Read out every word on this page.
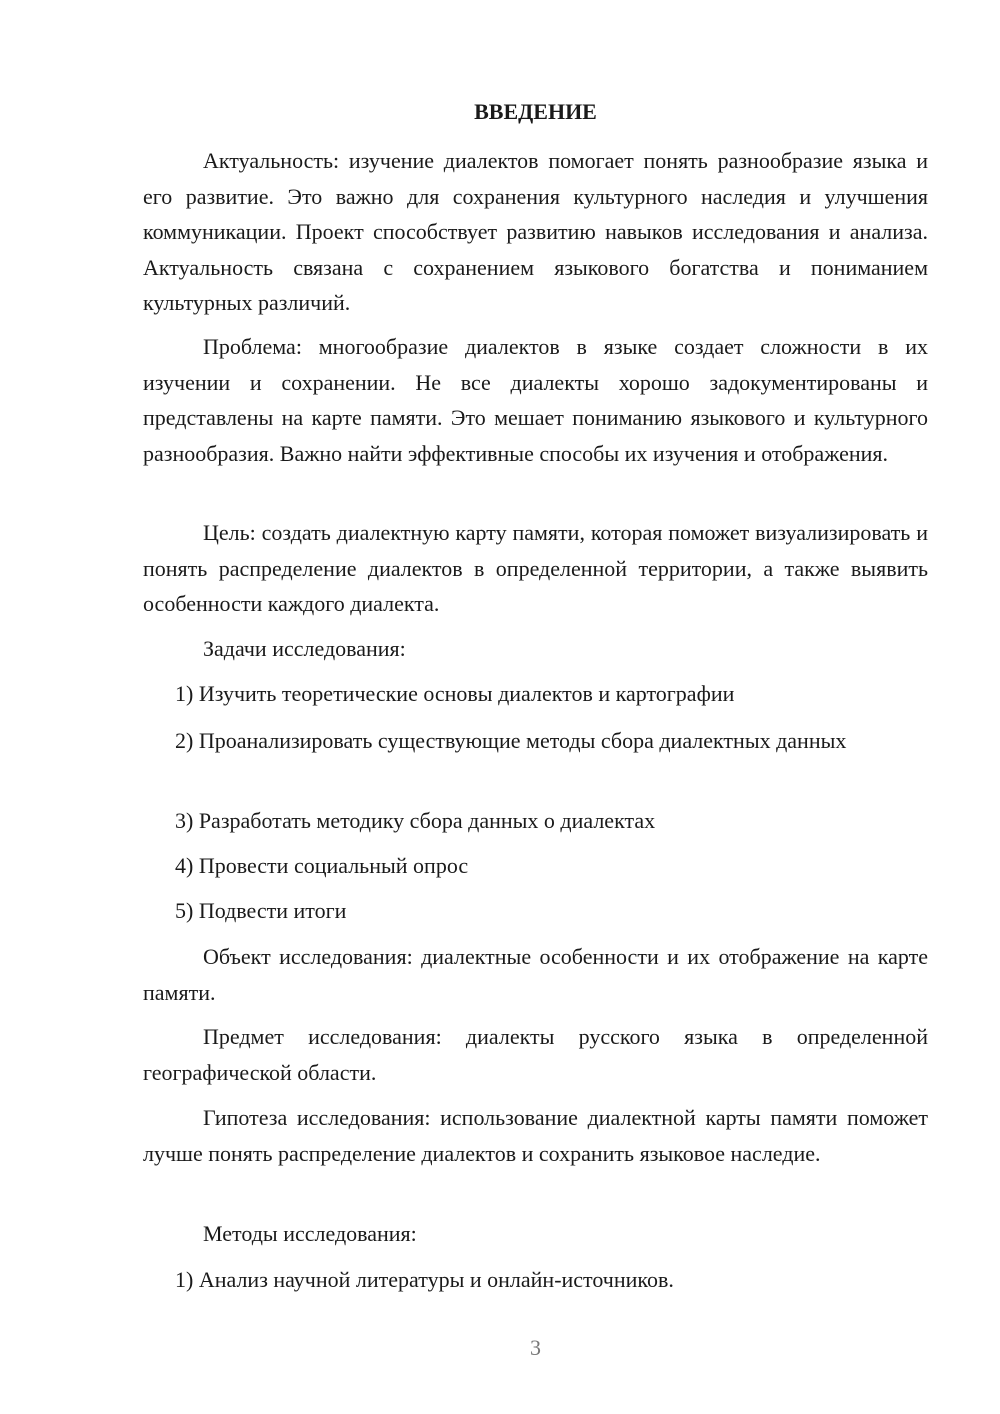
ВВЕДЕНИЕ

Актуальность: изучение диалектов помогает понять разнообразие языка и его развитие. Это важно для сохранения культурного наследия и улучшения коммуникации. Проект способствует развитию навыков исследования и анализа. Актуальность связана с сохранением языкового богатства и пониманием культурных различий.

Проблема: многообразие диалектов в языке создает сложности в их изучении и сохранении. Не все диалекты хорошо задокументированы и представлены на карте памяти. Это мешает пониманию языкового и культурного разнообразия. Важно найти эффективные способы их изучения и отображения.

Цель: создать диалектную карту памяти, которая поможет визуализировать и понять распределение диалектов в определенной территории, а также выявить особенности каждого диалекта.

Задачи исследования:

1) Изучить теоретические основы диалектов и картографии

2) Проанализировать существующие методы сбора диалектных данных

3) Разработать методику сбора данных о диалектах

4) Провести социальный опрос

5) Подвести итоги

Объект исследования: диалектные особенности и их отображение на карте памяти.

Предмет исследования: диалекты русского языка в определенной географической области.

Гипотеза исследования: использование диалектной карты памяти поможет лучше понять распределение диалектов и сохранить языковое наследие.

Методы исследования:

1) Анализ научной литературы и онлайн-источников.

3
